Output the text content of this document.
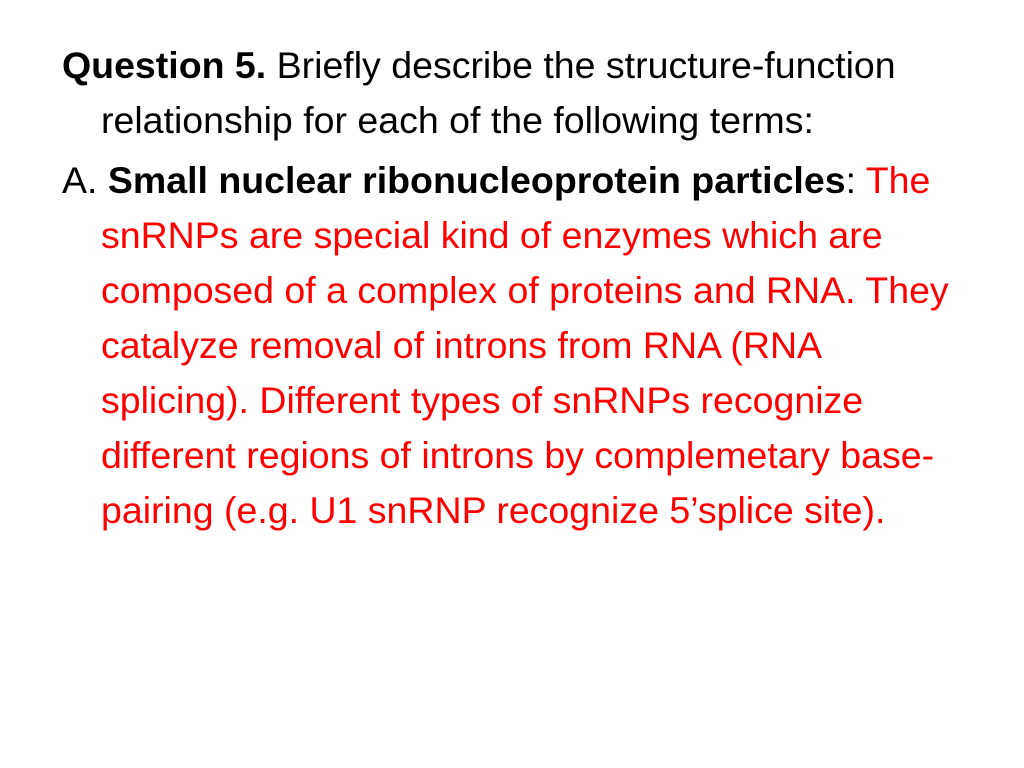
Question 5. Briefly describe the structure-function relationship for each of the following terms:

A. Small nuclear ribonucleoprotein particles: The snRNPs are special kind of enzymes which are composed of a complex of proteins and RNA. They catalyze removal of introns from RNA (RNA splicing). Different types of snRNPs recognize different regions of introns by complemetary base-pairing (e.g. U1 snRNP recognize 5’splice site).
